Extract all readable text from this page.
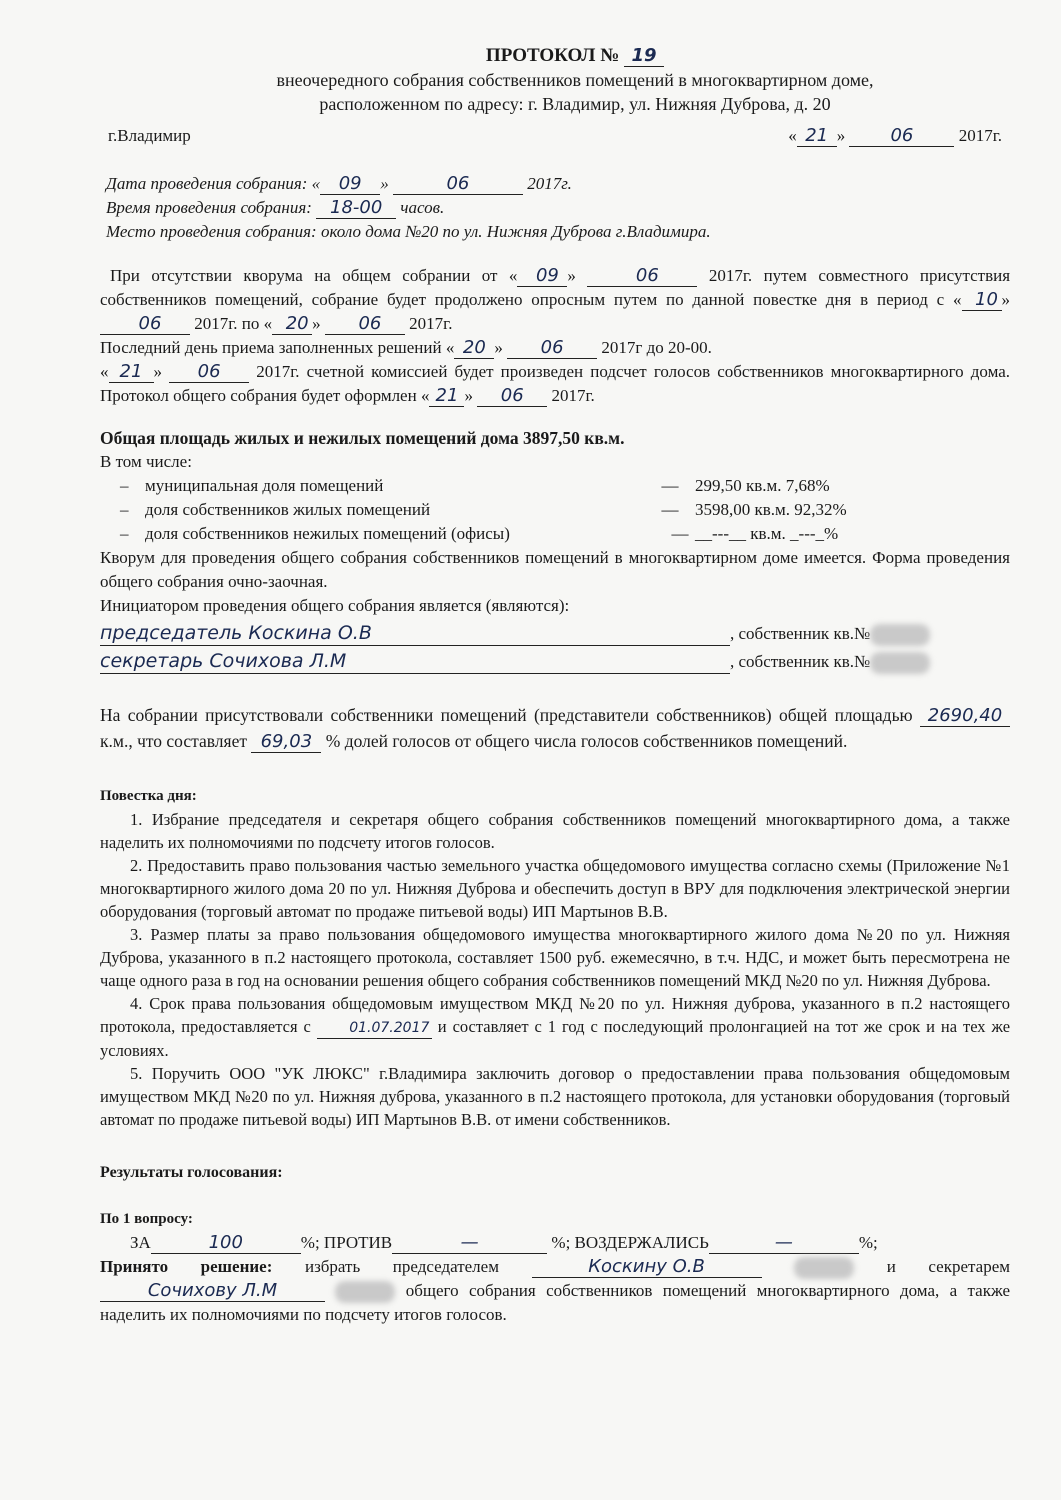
ПРОТОКОЛ № 19
внеочередного собрания собственников помещений в многоквартирном доме,
расположенном по адресу: г. Владимир, ул. Нижняя Дуброва, д. 20
г.Владимир	« 21 »	06	2017г.
Дата проведения собрания: « 09 »	06	2017г.
Время проведения собрания: 18-00 часов.
Место проведения собрания: около дома №20 по ул. Нижняя Дуброва г.Владимира.
При отсутствии кворума на общем собрании от « 09 »	06	2017г. путем совместного присутствия собственников помещений, собрание будет продолжено опросным путем по данной повестке дня в период с « 10 »06 2017г. по « 20 » 06 2017г.
Последний день приема заполненных решений « 20 » 06 2017г до 20-00.
« 21 » 06 2017г. счетной комиссией будет произведен подсчет голосов собственников многоквартирного дома. Протокол общего собрания будет оформлен « 21 » 06 2017г.
Общая площадь жилых и нежилых помещений дома 3897,50 кв.м.
В том числе:
– муниципальная доля помещений	— 299,50 кв.м. 7,68%
– доля собственников жилых помещений	— 3598,00 кв.м. 92,32%
– доля собственников нежилых помещений (офисы)	— __---__ кв.м. _---_%
Кворум для проведения общего собрания собственников помещений в многоквартирном доме имеется. Форма проведения общего собрания очно-заочная.
Инициатором проведения общего собрания является (являются):
председатель Коскина О.В	, собственник кв.№
секретарь Сочихова Л.М	, собственник кв.№
На собрании присутствовали собственники помещений (представители собственников) общей площадью 2690,40 к.м., что составляет 69,03 % долей голосов от общего числа голосов собственников помещений.
Повестка дня:
1. Избрание председателя и секретаря общего собрания собственников помещений многоквартирного дома, а также наделить их полномочиями по подсчету итогов голосов.
2. Предоставить право пользования частью земельного участка общедомового имущества согласно схемы (Приложение №1 многоквартирного жилого дома 20 по ул. Нижняя Дуброва и обеспечить доступ в ВРУ для подключения электрической энергии оборудования (торговый автомат по продаже питьевой воды) ИП Мартынов В.В.
3. Размер платы за право пользования общедомового имущества многоквартирного жилого дома №20 по ул. Нижняя Дуброва, указанного в п.2 настоящего протокола, составляет 1500 руб. ежемесячно, в т.ч. НДС, и может быть пересмотрена не чаще одного раза в год на основании решения общего собрания собственников помещений МКД №20 по ул. Нижняя Дуброва.
4. Срок права пользования общедомовым имуществом МКД №20 по ул. Нижняя дуброва, указанного в п.2 настоящего протокола, предоставляется с	01.07.2017 и составляет с 1 год с последующий пролонгацией на тот же срок и на тех же условиях.
5. Поручить ООО "УК ЛЮКС" г.Владимира заключить договор о предоставлении права пользования общедомовым имуществом МКД №20 по ул. Нижняя дуброва, указанного в п.2 настоящего протокола, для установки оборудования (торговый автомат по продаже питьевой воды) ИП Мартынов В.В. от имени собственников.
Результаты голосования:
По 1 вопросу:
ЗА	100	%; ПРОТИВ	—	%; ВОЗДЕРЖАЛИСЬ	—	%;
Принято решение: избрать председателем	Коскину О.В	и секретарем Сочихову Л.М	общего собрания собственников помещений многоквартирного дома, а также наделить их полномочиями по подсчету итогов голосов.
